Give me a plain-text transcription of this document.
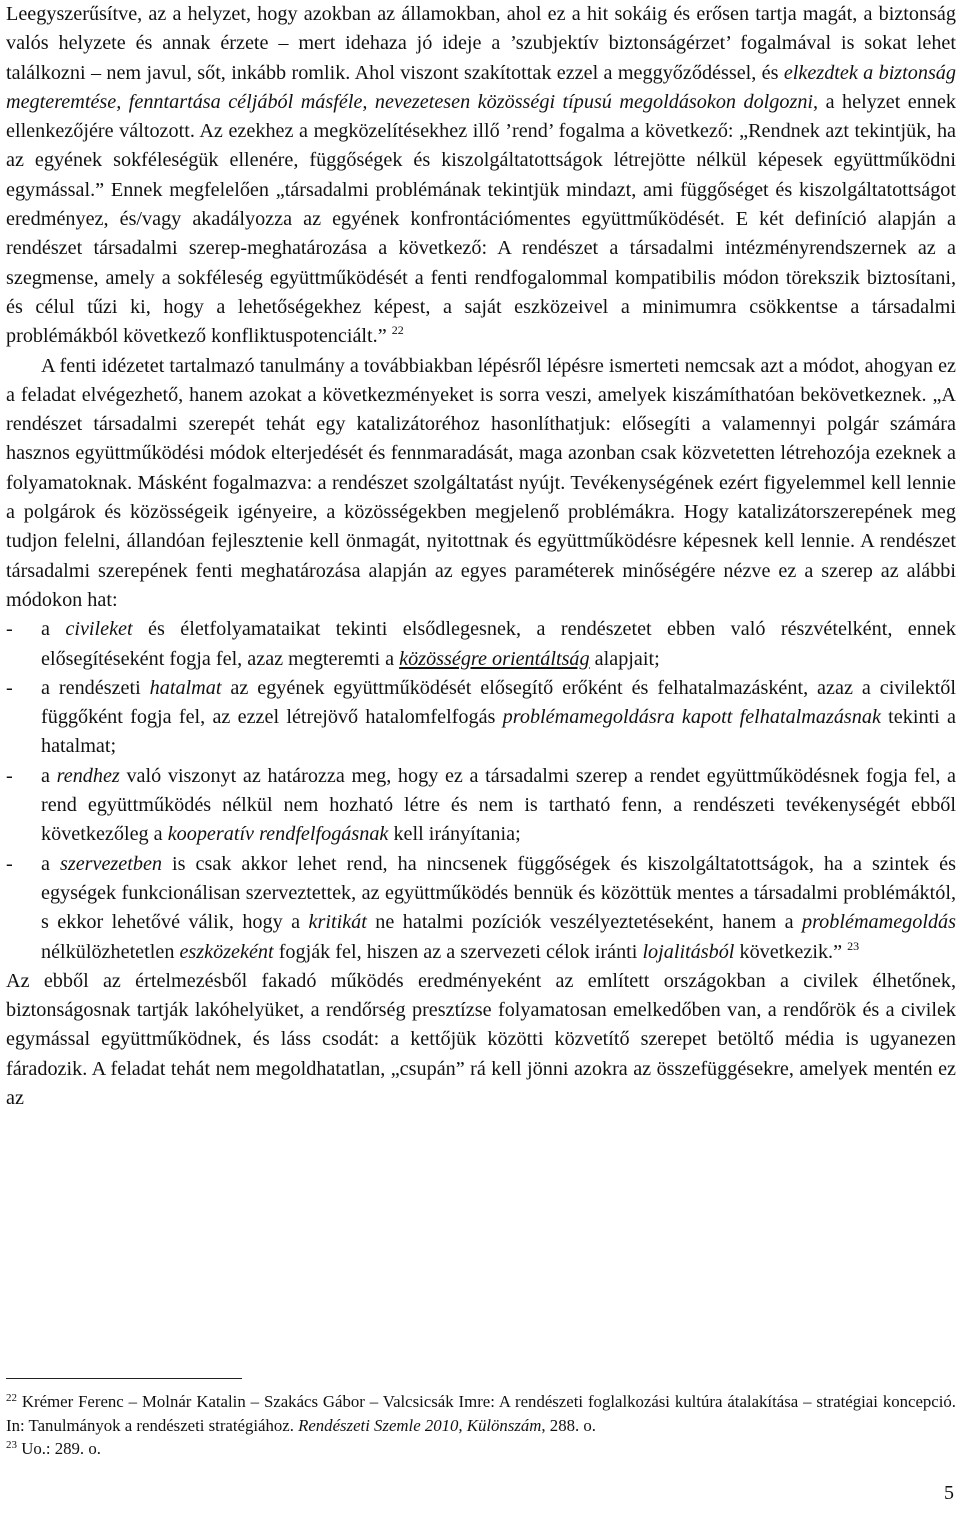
Leegyszerűsítve, az a helyzet, hogy azokban az államokban, ahol ez a hit sokáig és erősen tartja magát, a biztonság valós helyzete és annak érzete – mert idehaza jó ideje a ’szubjektív biztonságérzet’ fogalmával is sokat lehet találkozni – nem javul, sőt, inkább romlik. Ahol viszont szakítottak ezzel a meggyőződéssel, és elkezdtek a biztonság megteremtése, fenntartása céljából másféle, nevezetesen közösségi típusú megoldásokon dolgozni, a helyzet ennek ellenkezőjére változott. Az ezekhez a megközelítésekhez illő ’rend’ fogalma a következő: „Rendnek azt tekintjük, ha az egyének sokféleségük ellenére, függőségek és kiszolgáltatottságok létrejötte nélkül képesek együttműködni egymással.” Ennek megfelelően „társadalmi problémának tekintjük mindazt, ami függőséget és kiszolgáltatottságot eredményez, és/vagy akadályozza az egyének konfrontációmentes együttműködését. E két definíció alapján a rendészet társadalmi szerep-meghatározása a következő: A rendészet a társadalmi intézményrendszernek az a szegmense, amely a sokféleség együttműködését a fenti rendfogalommal kompatibilis módon törekszik biztosítani, és célul tűzi ki, hogy a lehetőségekhez képest, a saját eszközeivel a minimumra csökkentse a társadalmi problémákból következő konfliktuspotenciált.” $^{22}$

A fenti idézetet tartalmazó tanulmány a továbbiakban lépésről lépésre ismerteti nemcsak azt a módot, ahogyan ez a feladat elvégezhető, hanem azokat a következményeket is sorra veszi, amelyek kiszámíthatóan bekövetkeznek. „A rendészet társadalmi szerepét tehát egy katalizátoréhoz hasonlíthatjuk: elősegíti a valamennyi polgár számára hasznos együttműködési módok elterjedését és fennmaradását, maga azonban csak közvetetten létrehozója ezeknek a folyamatoknak. Másként fogalmazva: a rendészet szolgáltatást nyújt. Tevékenységének ezért figyelemmel kell lennie a polgárok és közösségeik igényeire, a közösségekben megjelenő problémákra. Hogy katalizátorszerepének meg tudjon felelni, állandóan fejlesztenie kell önmagát, nyitottnak és együttműködésre képesnek kell lennie. A rendészet társadalmi szerepének fenti meghatározása alapján az egyes paraméterek minőségére nézve ez a szerep az alábbi módokon hat:

- a civileket és életfolyamataikat tekinti elsődlegesnek, a rendészetet ebben való részvételként, ennek elősegítéseként fogja fel, azaz megteremti a közösségre orientáltság alapjait;
- a rendészeti hatalmat az egyének együttműködését elősegítő erőként és felhatalmazásként, azaz a civilektől függőként fogja fel, az ezzel létrejövő hatalomfelfogás problémamegoldásra kapott felhatalmazásnak tekinti a hatalmat;
- a rendhez való viszonyt az határozza meg, hogy ez a társadalmi szerep a rendet együttműködésnek fogja fel, a rend együttműködés nélkül nem hozható létre és nem is tartható fenn, a rendészeti tevékenységét ebből következőleg a kooperatív rendfelfogásnak kell irányítania;
- a szervezetben is csak akkor lehet rend, ha nincsenek függőségek és kiszolgáltatottságok, ha a szintek és egységek funkcionálisan szerveztettek, az együttműködés bennük és közöttük mentes a társadalmi problémáktól, s ekkor lehetővé válik, hogy a kritikát ne hatalmi pozíciók veszélyeztetéseként, hanem a problémamegoldás nélkülözhetetlen eszközeként fogják fel, hiszen az a szervezeti célok iránti lojalitásból következik.” $^{23}$

Az ebből az értelmezésből fakadó működés eredményeként az említett országokban a civilek élhetőnek, biztonságosnak tartják lakóhelyüket, a rendőrség presztízse folyamatosan emelkedőben van, a rendőrök és a civilek egymással együttműködnek, és láss csodát: a kettőjük közötti közvetítő szerepet betöltő média is ugyanezen fáradozik. A feladat tehát nem megoldhatatlan, „csupán” rá kell jönni azokra az összefüggésekre, amelyek mentén ez az

$^{22}$ Krémer Ferenc – Molnár Katalin – Szakács Gábor – Valcsicsák Imre: A rendészeti foglalkozási kultúra átalakítása – stratégiai koncepció. In: Tanulmányok a rendészeti stratégiához. Rendészeti Szemle 2010, Különszám, 288. o.

$^{23}$ Uo.: 289. o.

5
